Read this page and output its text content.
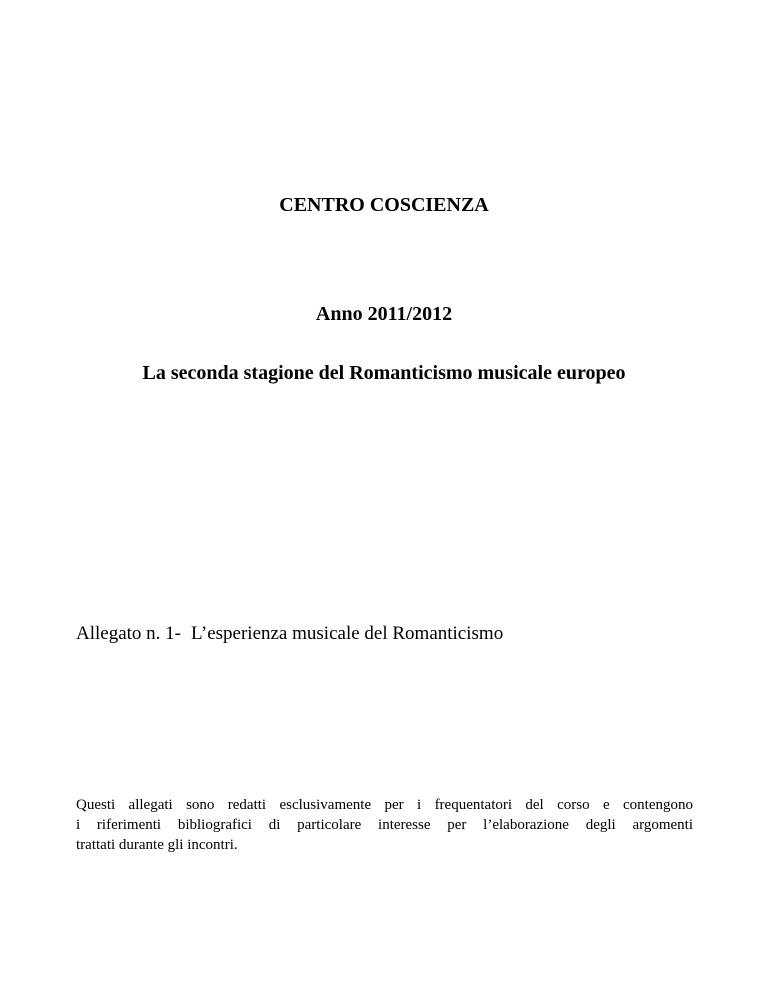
CENTRO COSCIENZA
Anno 2011/2012
La seconda stagione del Romanticismo musicale europeo
Allegato n. 1- L’esperienza musicale del Romanticismo
Questi allegati sono redatti esclusivamente per i frequentatori del corso e contengono
i riferimenti bibliografici di particolare interesse per l’elaborazione degli argomenti
trattati durante gli incontri.
